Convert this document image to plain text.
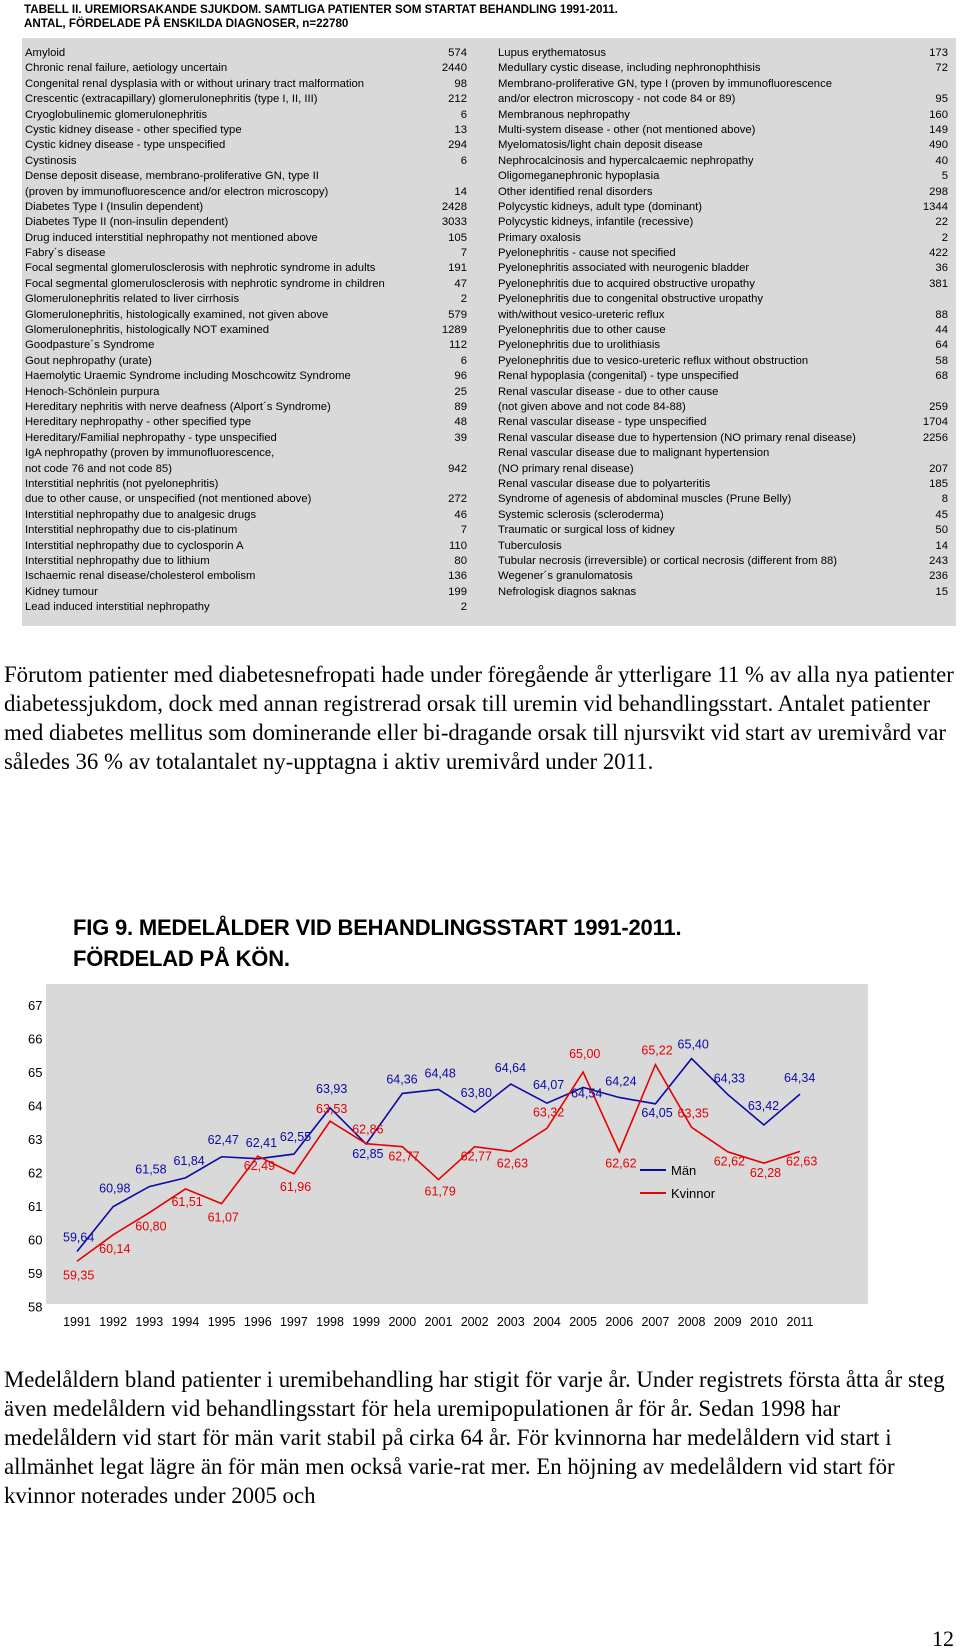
TABELL II. UREMIORSAKANDE SJUKDOM. SAMTLIGA PATIENTER SOM STARTAT BEHANDLING 1991-2011.
ANTAL, FÖRDELADE PÅ ENSKILDA DIAGNOSER, n=22780
Amyloid	574
Chronic renal failure, aetiology uncertain	2440
Congenital renal dysplasia with or without urinary tract malformation	98
Crescentic (extracapillary) glomerulonephritis (type I, II, III)	212
Cryoglobulinemic glomerulonephritis	6
Cystic kidney disease - other specified type	13
Cystic kidney disease - type unspecified	294
Cystinosis	6
Dense deposit disease, membrano-proliferative GN, type II
(proven by immunofluorescence and/or electron microscopy)	14
Diabetes Type I (Insulin dependent)	2428
Diabetes Type II (non-insulin dependent)	3033
Drug induced interstitial nephropathy not mentioned above	105
Fabry´s disease	7
Focal segmental glomerulosclerosis with nephrotic syndrome in adults	191
Focal segmental glomerulosclerosis with nephrotic syndrome in children	47
Glomerulonephritis related to liver cirrhosis	2
Glomerulonephritis, histologically examined, not given above	579
Glomerulonephritis, histologically NOT examined	1289
Goodpasture´s Syndrome	112
Gout nephropathy (urate)	6
Haemolytic Uraemic Syndrome including Moschcowitz Syndrome	96
Henoch-Schönlein purpura	25
Hereditary nephritis with nerve deafness (Alport´s Syndrome)	89
Hereditary nephropathy - other specified type	48
Hereditary/Familial nephropathy - type unspecified	39
IgA nephropathy (proven by immunofluorescence,
not code 76 and not code 85)	942
Interstitial nephritis (not pyelonephritis)
due to other cause, or unspecified (not mentioned above)	272
Interstitial nephropathy due to analgesic drugs	46
Interstitial nephropathy due to cis-platinum	7
Interstitial nephropathy due to cyclosporin A	110
Interstitial nephropathy due to lithium	80
Ischaemic renal disease/cholesterol embolism	136
Kidney tumour	199
Lead induced interstitial nephropathy	2
Lupus erythematosus	173
Medullary cystic disease, including nephronophthisis	72
Membrano-proliferative GN, type I (proven by immunofluorescence
and/or electron microscopy - not code 84 or 89)	95
Membranous nephropathy	160
Multi-system disease - other (not mentioned above)	149
Myelomatosis/light chain deposit disease	490
Nephrocalcinosis and hypercalcaemic nephropathy	40
Oligomeganephronic hypoplasia	5
Other identified renal disorders	298
Polycystic kidneys, adult type (dominant)	1344
Polycystic kidneys, infantile (recessive)	22
Primary oxalosis	2
Pyelonephritis - cause not specified	422
Pyelonephritis associated with neurogenic bladder	36
Pyelonephritis due to acquired obstructive uropathy	381
Pyelonephritis due to congenital obstructive uropathy
with/without vesico-ureteric reflux	88
Pyelonephritis due to other cause	44
Pyelonephritis due to urolithiasis	64
Pyelonephritis due to vesico-ureteric reflux without obstruction	58
Renal hypoplasia (congenital) - type unspecified	68
Renal vascular disease - due to other cause
(not given above and not code 84-88)	259
Renal vascular disease - type unspecified	1704
Renal vascular disease due to hypertension (NO primary renal disease)	2256
Renal vascular disease due to malignant hypertension
(NO primary renal disease)	207
Renal vascular disease due to polyarteritis	185
Syndrome of agenesis of abdominal muscles (Prune Belly)	8
Systemic sclerosis (scleroderma)	45
Traumatic or surgical loss of kidney	50
Tuberculosis	14
Tubular necrosis (irreversible) or cortical necrosis (different from 88)	243
Wegener´s granulomatosis	236
Nefrologisk diagnos saknas	15
Förutom patienter med diabetesnefropati hade under föregående år ytterligare 11 % av alla nya patienter diabetessjukdom, dock med annan registrerad orsak till uremin vid behandlingsstart. Antalet patienter med diabetes mellitus som dominerande eller bi-dragande orsak till njursvikt vid start av uremivård var således 36 % av totalantalet ny-upptagna i aktiv uremivård under 2011.
FIG 9. MEDELÅLDER VID BEHANDLINGSSTART 1991-2011.
FÖRDELAD PÅ KÖN.
58
59
60
61
62
63
64
65
66
67
1991 1992 1993 1994 1995 1996 1997 1998 1999 2000 2001 2002 2003 2004 2005 2006 2007 2008 2009 2010 2011
59,64
60,98
61,58
61,84
62,47 62,41 62,55
63,93
62,85
64,36 64,48
63,80
64,64
64,07
64,54
64,24
64,05
65,40
64,33
63,42
64,34
59,35
60,14
60,80
61,51
61,07
62,49
61,96
63,53
62,86
62,77
61,79
62,77 62,63
63,32
65,00
62,62
65,22
63,35
62,62
62,28
62,63
Män
Kvinnor
Medelåldern bland patienter i uremibehandling har stigit för varje år. Under registrets första åtta år steg även medelåldern vid behandlingsstart för hela uremipopulationen år för år. Sedan 1998 har medelåldern vid start för män varit stabil på cirka 64 år. För kvinnorna har medelåldern vid start i allmänhet legat lägre än för män men också varie-rat mer. En höjning av medelåldern vid start för kvinnor noterades under 2005 och
12
